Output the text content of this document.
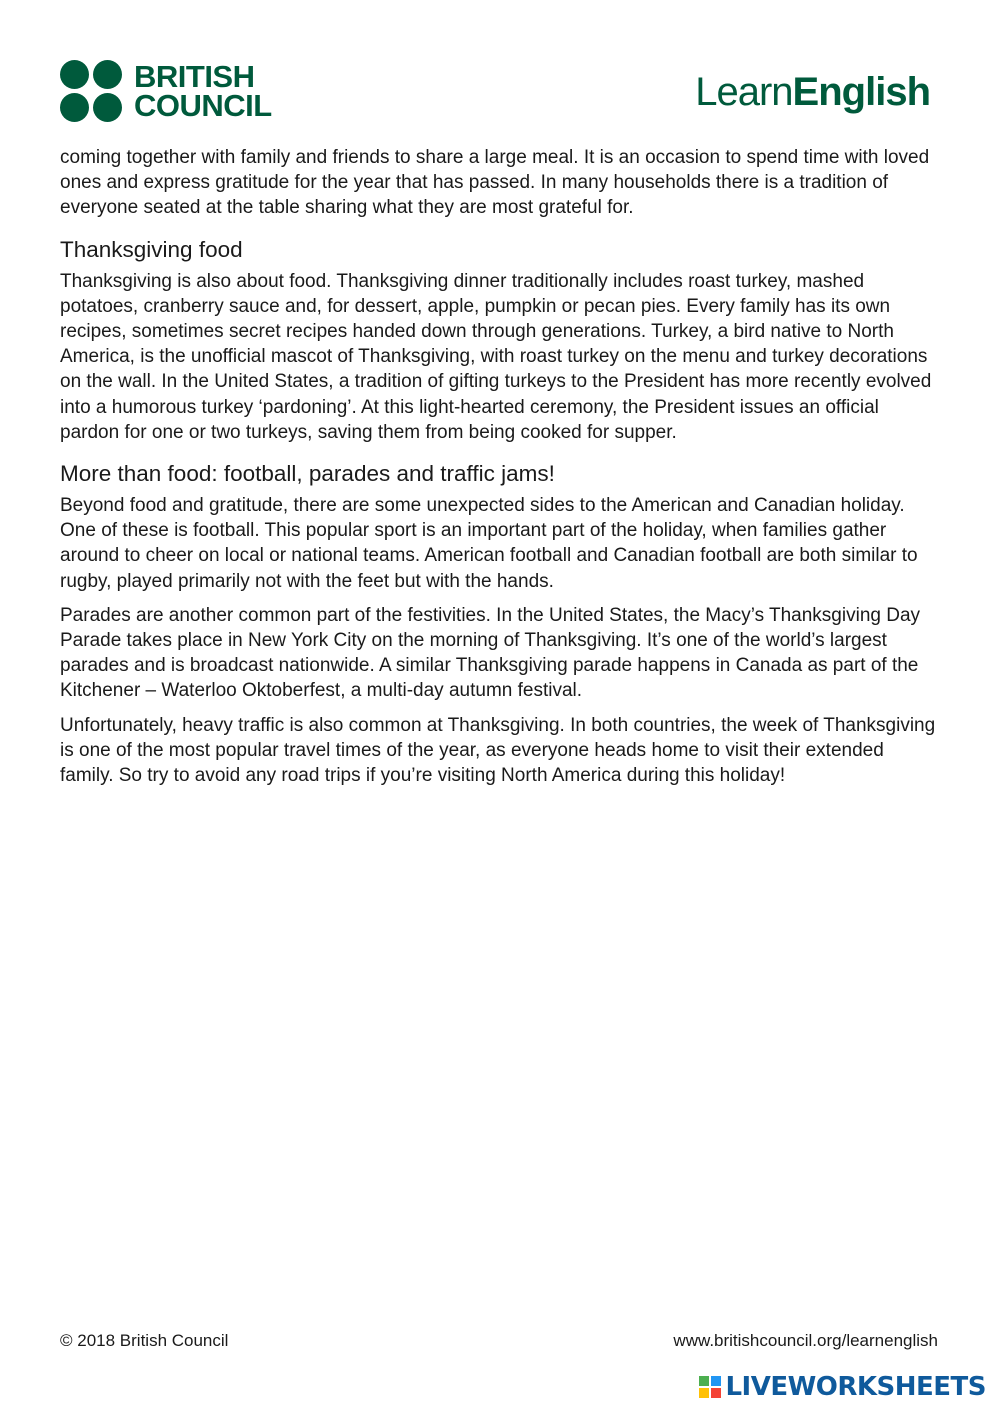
BRITISH
COUNCIL	LearnEnglish

coming together with family and friends to share a large meal. It is an occasion to spend time with loved ones and express gratitude for the year that has passed. In many households there is a tradition of everyone seated at the table sharing what they are most grateful for.

Thanksgiving food

Thanksgiving is also about food. Thanksgiving dinner traditionally includes roast turkey, mashed potatoes, cranberry sauce and, for dessert, apple, pumpkin or pecan pies. Every family has its own recipes, sometimes secret recipes handed down through generations. Turkey, a bird native to North America, is the unofficial mascot of Thanksgiving, with roast turkey on the menu and turkey decorations on the wall. In the United States, a tradition of gifting turkeys to the President has more recently evolved into a humorous turkey ‘pardoning’. At this light-hearted ceremony, the President issues an official pardon for one or two turkeys, saving them from being cooked for supper.

More than food: football, parades and traffic jams!

Beyond food and gratitude, there are some unexpected sides to the American and Canadian holiday. One of these is football. This popular sport is an important part of the holiday, when families gather around to cheer on local or national teams. American football and Canadian football are both similar to rugby, played primarily not with the feet but with the hands.

Parades are another common part of the festivities. In the United States, the Macy’s Thanksgiving Day Parade takes place in New York City on the morning of Thanksgiving. It’s one of the world’s largest parades and is broadcast nationwide. A similar Thanksgiving parade happens in Canada as part of the Kitchener – Waterloo Oktoberfest, a multi-day autumn festival.

Unfortunately, heavy traffic is also common at Thanksgiving. In both countries, the week of Thanksgiving is one of the most popular travel times of the year, as everyone heads home to visit their extended family. So try to avoid any road trips if you’re visiting North America during this holiday!

© 2018 British Council	www.britishcouncil.org/learnenglish
LIVEWORKSHEETS
